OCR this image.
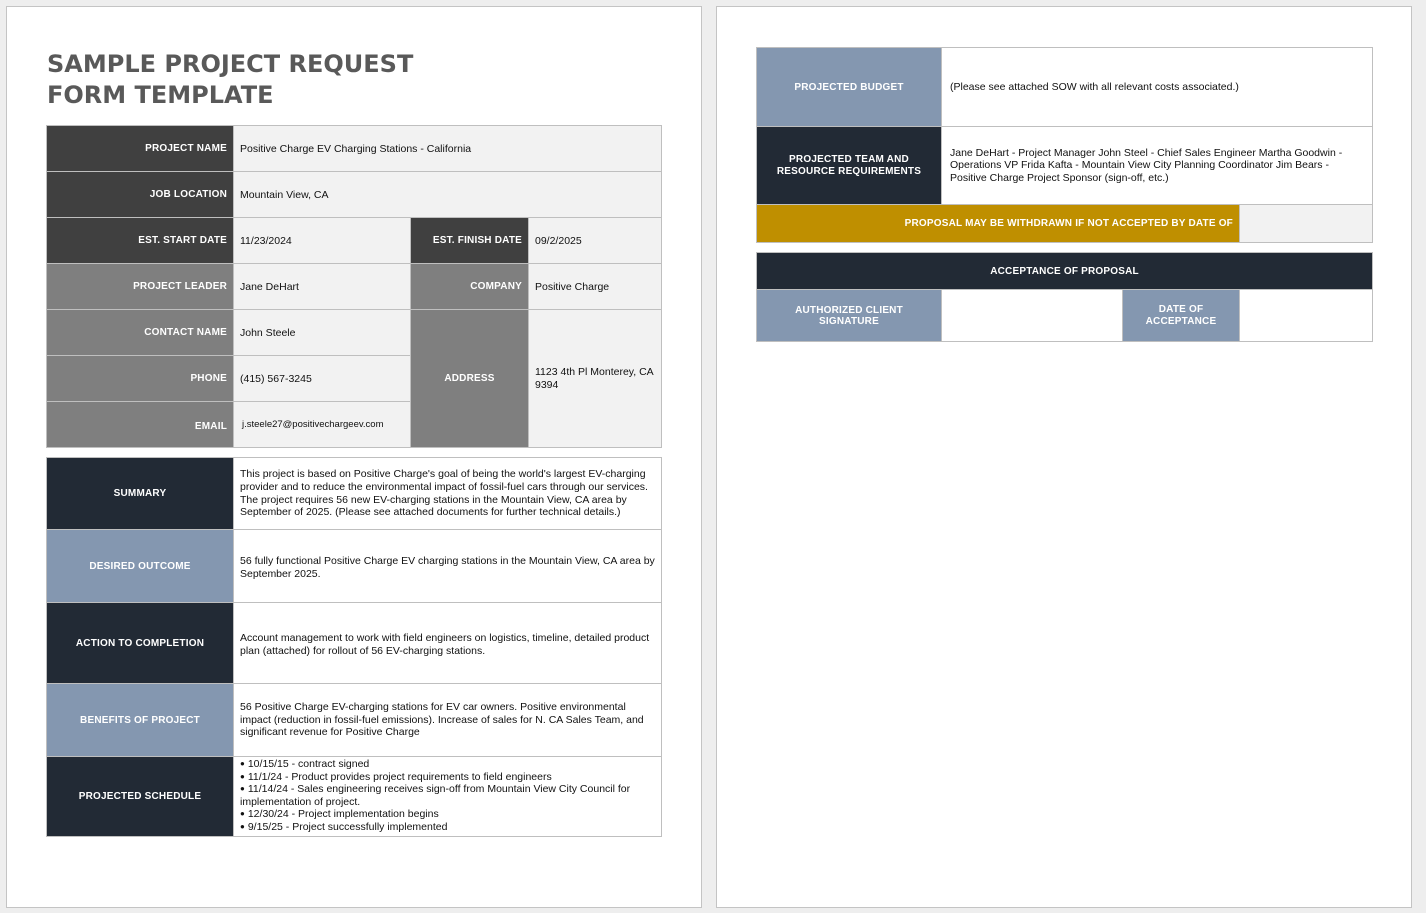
SAMPLE PROJECT REQUEST
FORM TEMPLATE
PROJECT NAME	Positive Charge EV Charging Stations - California		
JOB LOCATION	Mountain View, CA		
EST. START DATE	11/23/2024	EST. FINISH DATE	09/2/2025
PROJECT LEADER	Jane DeHart	COMPANY	Positive Charge
CONTACT NAME	John Steele	ADDRESS	1123 4th Pl Monterey, CA 9394
PHONE	(415) 567-3245		
EMAIL	j.steele27@positivechargeev.com		
SUMMARY	This project is based on Positive Charge's goal of being the world's largest EV-charging provider and to reduce the environmental impact of fossil-fuel cars through our services. The project requires 56 new EV-charging stations in the Mountain View, CA area by September of 2025. (Please see attached documents for further technical details.)
DESIRED OUTCOME	56 fully functional Positive Charge EV charging stations in the Mountain View, CA area by September 2025.
ACTION TO COMPLETION	Account management to work with field engineers on logistics, timeline, detailed product plan (attached) for rollout of 56 EV-charging stations.
BENEFITS OF PROJECT	56 Positive Charge EV-charging stations for EV car owners. Positive environmental impact (reduction in fossil-fuel emissions). Increase of sales for N. CA Sales Team, and significant revenue for Positive Charge
PROJECTED SCHEDULE	
● 10/15/15 - contract signed
● 11/1/24 - Product provides project requirements to field engineers
● 11/14/24 - Sales engineering receives sign-off from Mountain View City Council for implementation of project.
● 12/30/24 - Project implementation begins
● 9/15/25 - Project successfully implemented
PROJECTED BUDGET	(Please see attached SOW with all relevant costs associated.)	
PROJECTED TEAM AND RESOURCE REQUIREMENTS	Jane DeHart - Project Manager John Steel - Chief Sales Engineer Martha Goodwin - Operations VP Frida Kafta - Mountain View City Planning Coordinator Jim Bears - Positive Charge Project Sponsor (sign-off, etc.)	
PROPOSAL MAY BE WITHDRAWN IF NOT ACCEPTED BY DATE OF		
ACCEPTANCE OF PROPOSAL
AUTHORIZED CLIENT SIGNATURE		DATE OF ACCEPTANCE	
